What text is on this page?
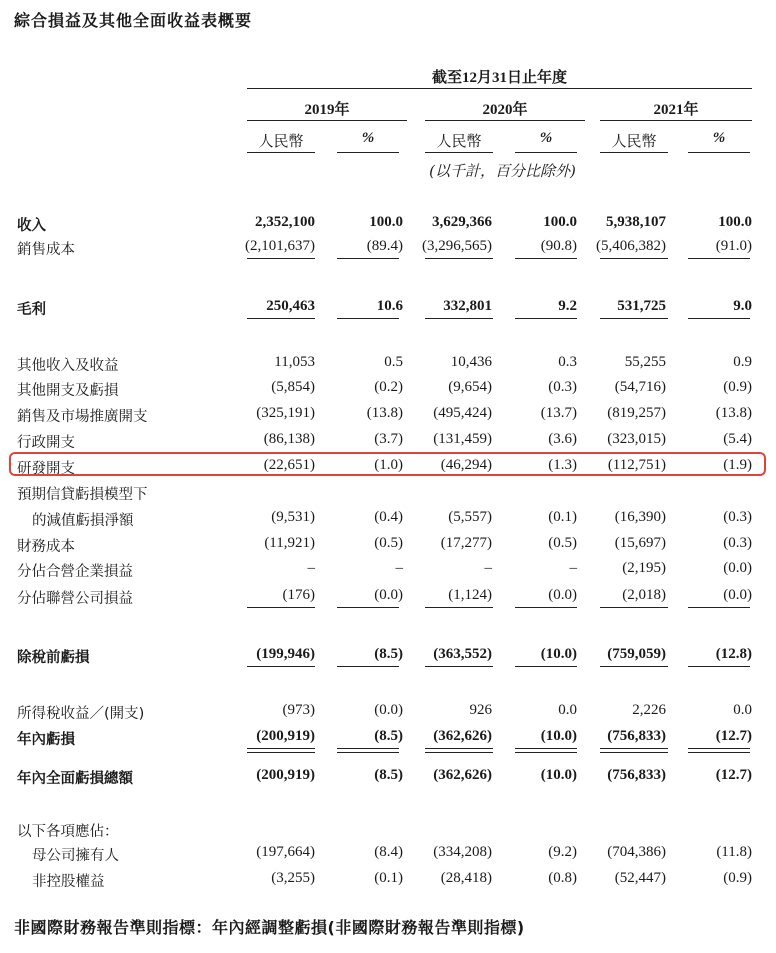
綜合損益及其他全面收益表概要
截至12月31日止年度
2019年	2020年	2021年
人民幣	%	人民幣	%	人民幣	%
(以千計，百分比除外)
收入	2,352,100	100.0 3,629,366	100.0 5,938,107	100.0
銷售成本	(2,101,637)	(89.4) (3,296,565)	(90.8) (5,406,382)	(91.0)
毛利	250,463	10.6	332,801	9.2	531,725	9.0
其他收入及收益	11,053	0.5	10,436	0.3	55,255	0.9
其他開支及虧損	(5,854)	(0.2)	(9,654)	(0.3)	(54,716)	(0.9)
銷售及市場推廣開支	(325,191)	(13.8) (495,424)	(13.7) (819,257)	(13.8)
行政開支	(86,138)	(3.7) (131,459)	(3.6) (323,015)	(5.4)
研發開支	(22,651)	(1.0)	(46,294)	(1.3) (112,751)	(1.9)
預期信貸虧損模型下
的減值虧損淨額	(9,531)	(0.4)	(5,557)	(0.1)	(16,390)	(0.3)
財務成本	(11,921)	(0.5)	(17,277)	(0.5)	(15,697)	(0.3)
分佔合營企業損益	–	–	–	–	(2,195)	(0.0)
分佔聯營公司損益	(176)	(0.0)	(1,124)	(0.0)	(2,018)	(0.0)
除稅前虧損	(199,946)	(8.5) (363,552)	(10.0) (759,059)	(12.8)
所得稅收益／(開支)	(973)	(0.0)	926	0.0	2,226	0.0
年內虧損	(200,919)	(8.5) (362,626)	(10.0) (756,833)	(12.7)
年內全面虧損總額	(200,919)	(8.5) (362,626)	(10.0) (756,833)	(12.7)
以下各項應佔：
母公司擁有人	(197,664)	(8.4) (334,208)	(9.2) (704,386)	(11.8)
非控股權益	(3,255)	(0.1)	(28,418)	(0.8)	(52,447)	(0.9)
非國際財務報告準則指標：年內經調整虧損(非國際財務報告準則指標)
